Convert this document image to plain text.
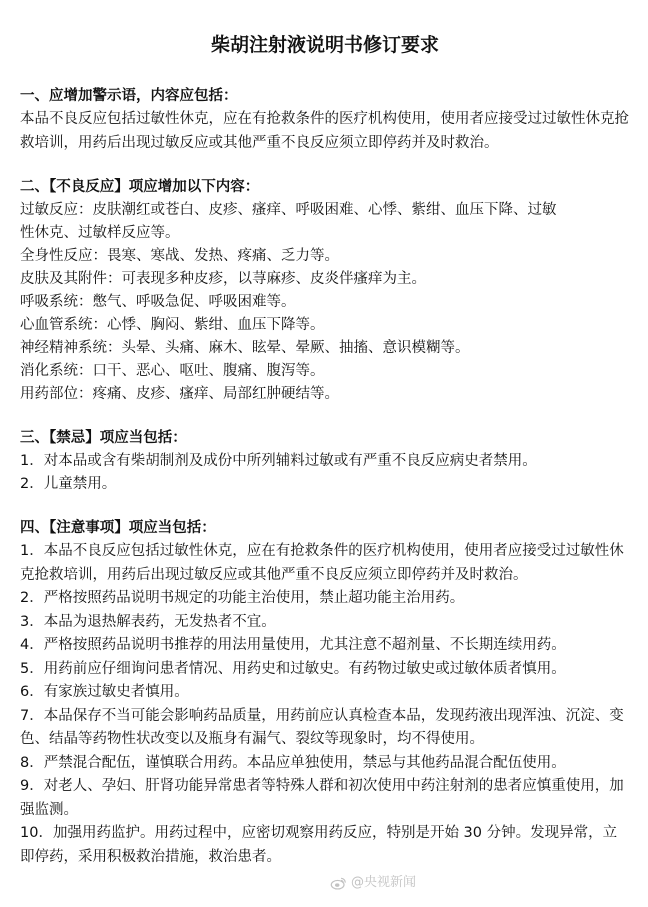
柴胡注射液说明书修订要求

一、应增加警示语，内容应包括：

本品不良反应包括过敏性休克，应在有抢救条件的医疗机构使用，使用者应接受过过敏性休克抢救培训，用药后出现过敏反应或其他严重不良反应须立即停药并及时救治。

二、【不良反应】项应增加以下内容：

过敏反应：皮肤潮红或苍白、皮疹、瘙痒、呼吸困难、心悸、紫绀、血压下降、过敏

性休克、过敏样反应等。

全身性反应：畏寒、寒战、发热、疼痛、乏力等。

皮肤及其附件：可表现多种皮疹，以荨麻疹、皮炎伴瘙痒为主。

呼吸系统：憋气、呼吸急促、呼吸困难等。

心血管系统：心悸、胸闷、紫绀、血压下降等。

神经精神系统：头晕、头痛、麻木、眩晕、晕厥、抽搐、意识模糊等。

消化系统：口干、恶心、呕吐、腹痛、腹泻等。

用药部位：疼痛、皮疹、瘙痒、局部红肿硬结等。

三、【禁忌】项应当包括：

1．对本品或含有柴胡制剂及成份中所列辅料过敏或有严重不良反应病史者禁用。

2．儿童禁用。

四、【注意事项】项应当包括：

1．本品不良反应包括过敏性休克，应在有抢救条件的医疗机构使用，使用者应接受过过敏性休克抢救培训，用药后出现过敏反应或其他严重不良反应须立即停药并及时救治。

2．严格按照药品说明书规定的功能主治使用，禁止超功能主治用药。

3．本品为退热解表药，无发热者不宜。

4．严格按照药品说明书推荐的用法用量使用，尤其注意不超剂量、不长期连续用药。

5．用药前应仔细询问患者情况、用药史和过敏史。有药物过敏史或过敏体质者慎用。

6．有家族过敏史者慎用。

7．本品保存不当可能会影响药品质量，用药前应认真检查本品，发现药液出现浑浊、沉淀、变色、结晶等药物性状改变以及瓶身有漏气、裂纹等现象时，均不得使用。

8．严禁混合配伍，谨慎联合用药。本品应单独使用，禁忌与其他药品混合配伍使用。

9．对老人、孕妇、肝肾功能异常患者等特殊人群和初次使用中药注射剂的患者应慎重使用，加强监测。

10．加强用药监护。用药过程中，应密切观察用药反应，特别是开始 30 分钟。发现异常，立即停药，采用积极救治措施，救治患者。

@央视新闻
